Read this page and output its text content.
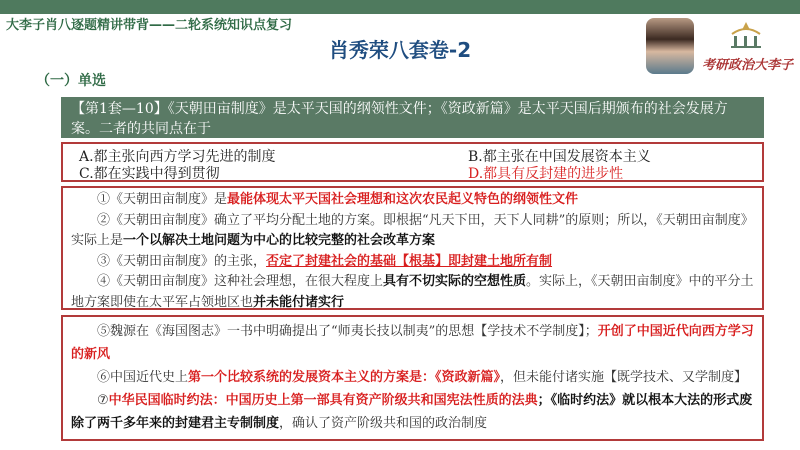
大李子肖八逐题精讲带背——二轮系统知识点复习
肖秀荣八套卷-2
（一）单选
考研政治大李子
【第1套—10】《天朝田亩制度》是太平天国的纲领性文件；《资政新篇》是太平天国后期颁布的社会发展方案。二者的共同点在于
A.都主张向西方学习先进的制度	B.都主张在中国发展资本主义
C.都在实践中得到贯彻	D.都具有反封建的进步性

  ①《天朝田亩制度》是最能体现太平天国社会理想和这次农民起义特色的纲领性文件

  ②《天朝田亩制度》确立了平均分配土地的方案。即根据“凡天下田，天下人同耕”的原则；所以，《天朝田亩制度》实际上是一个以解决土地问题为中心的比较完整的社会改革方案

  ③《天朝田亩制度》的主张，否定了封建社会的基础【根基】即封建土地所有制

  ④《天朝田亩制度》这种社会理想，在很大程度上具有不切实际的空想性质。实际上，《天朝田亩制度》中的平分土地方案即使在太平军占领地区也并未能付诸实行

  ⑤魏源在《海国图志》一书中明确提出了“师夷长技以制夷”的思想【学技术不学制度】；开创了中国近代向西方学习的新风

  ⑥中国近代史上第一个比较系统的发展资本主义的方案是：《资政新篇》，但未能付诸实施【既学技术、又学制度】

  ⑦中华民国临时约法：中国历史上第一部具有资产阶级共和国宪法性质的法典；《临时约法》就以根本大法的形式废除了两千多年来的封建君主专制制度，确认了资产阶级共和国的政治制度
